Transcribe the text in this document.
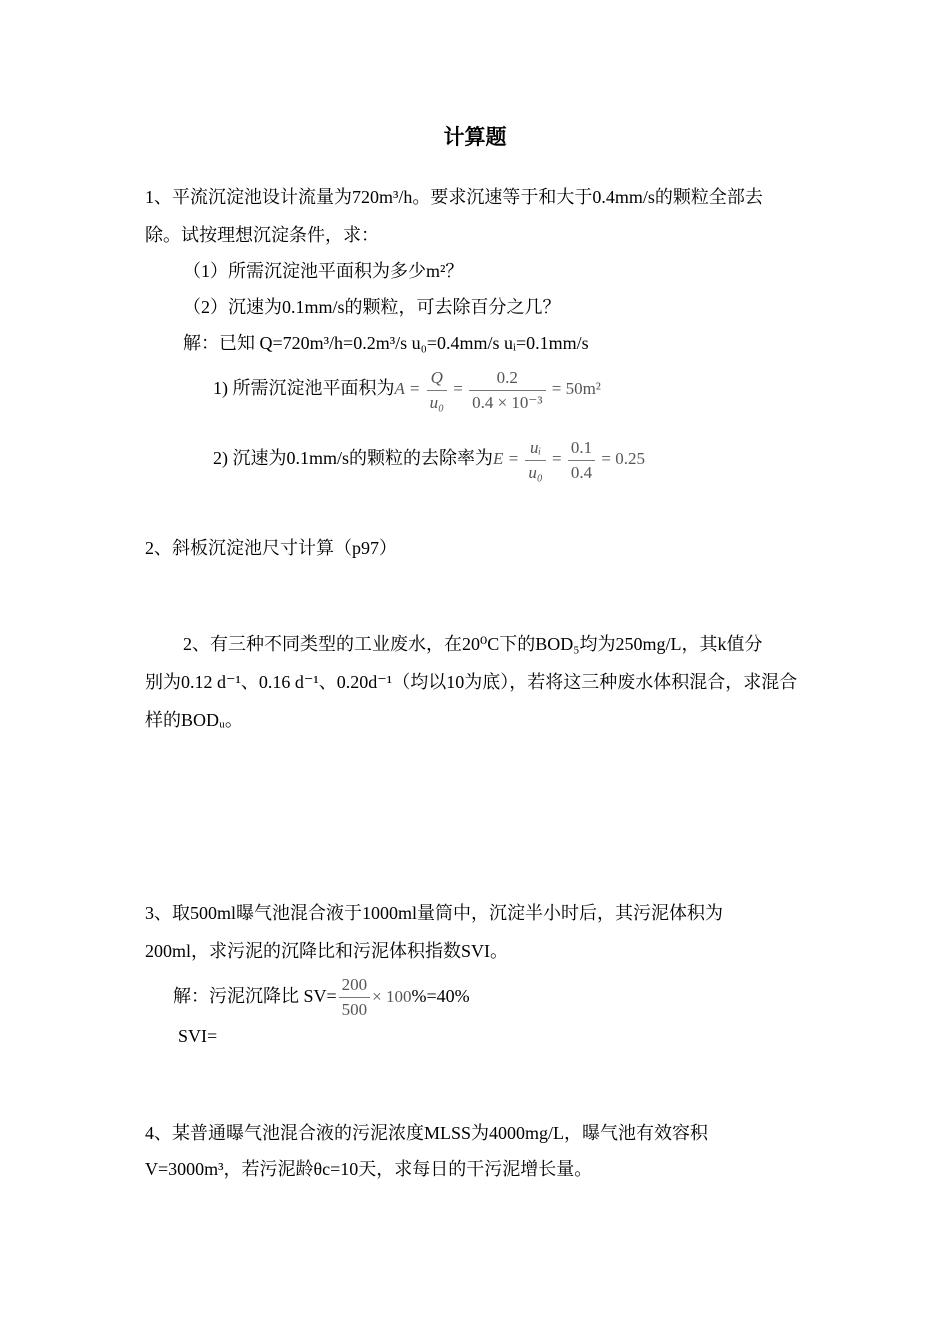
计算题
1、平流沉淀池设计流量为720m³/h。要求沉速等于和大于0.4mm/s的颗粒全部去
除。试按理想沉淀条件，求：
（1）所需沉淀池平面积为多少m²？
（2）沉速为0.1mm/s的颗粒，可去除百分之几？
解：已知 Q=720m³/h=0.2m³/s u₀=0.4mm/s uᵢ=0.1mm/s
1) 所需沉淀池平面积为$A = \frac{Q}{\text{u₀}} = \frac{0.2}{\text{0.4 × 10⁻³}} = 50m^2$
2) 沉速为0.1mm/s的颗粒的去除率为$E = \frac{\text{uᵢ}}{\text{u₀}} = \frac{0.1}{0.4} = 0.25$
2、斜板沉淀池尺寸计算（p97）
2、有三种不同类型的工业废水，在20⁰C下的BOD₅均为250mg/L，其k值分
别为0.12 d⁻¹、0.16 d⁻¹、0.20d⁻¹（均以10为底），若将这三种废水体积混合，求混合
样的BODᵤ。
3、取500ml曝气池混合液于1000ml量筒中，沉淀半小时后，其污泥体积为
200ml，求污泥的沉降比和污泥体积指数SVI。
解：污泥沉降比 $SV= \frac{200}{500} \times 100\%=40\%$
SVI=
4、某普通曝气池混合液的污泥浓度MLSS为4000mg/L，曝气池有效容积
V=3000m³，若污泥龄θc=10天，求每日的干污泥增长量。
